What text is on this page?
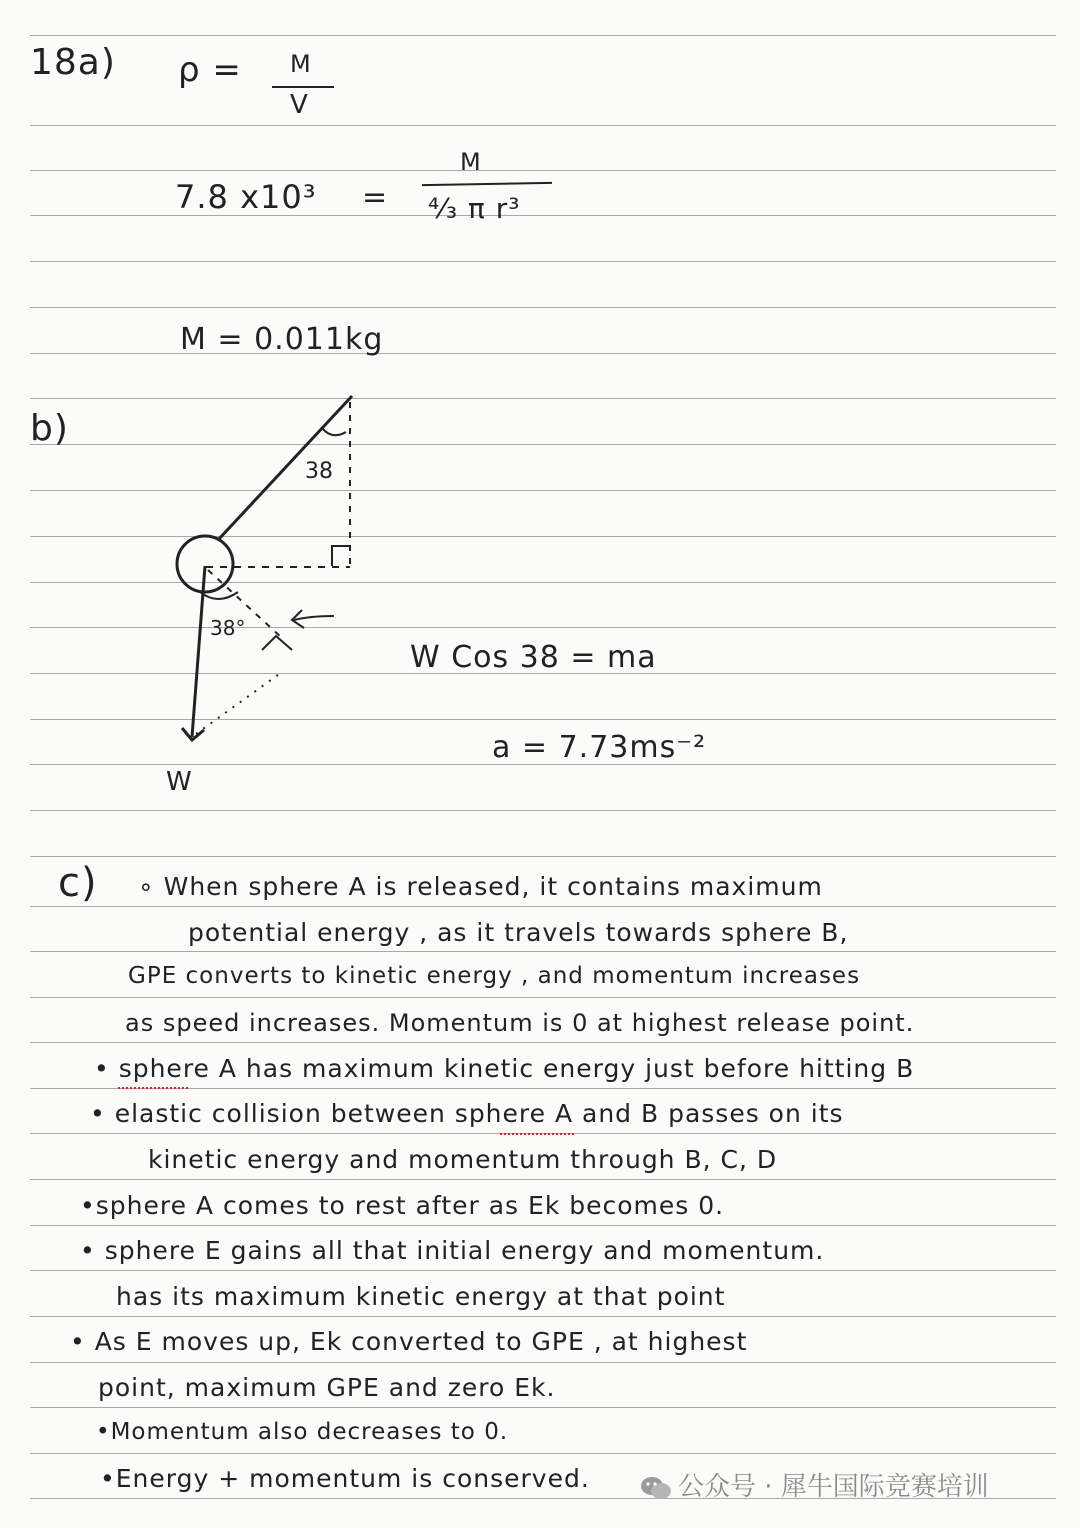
18a) ρ = M
V
7.8 x10³ =
M
⁴⁄₃ π r³
M = 0.011kg
b)
38
38°
W
W Cos 38 = ma
a = 7.73ms⁻²
c) ∘ When sphere A is released, it contains maximum
potential energy , as it travels towards sphere B,
GPE converts to kinetic energy , and momentum increases
as speed increases. Momentum is 0 at highest release point.
• sphere A has maximum kinetic energy just before hitting B
• elastic collision between sphere A and B passes on its
kinetic energy and momentum through B, C, D
•sphere A comes to rest after as Ek becomes 0.
• sphere E gains all that initial energy and momentum.
has its maximum kinetic energy at that point
• As E moves up, Ek converted to GPE , at highest
point, maximum GPE and zero Ek.
•Momentum also decreases to 0.
•Energy + momentum is conserved.	公众号 · 犀牛国际竞赛培训
